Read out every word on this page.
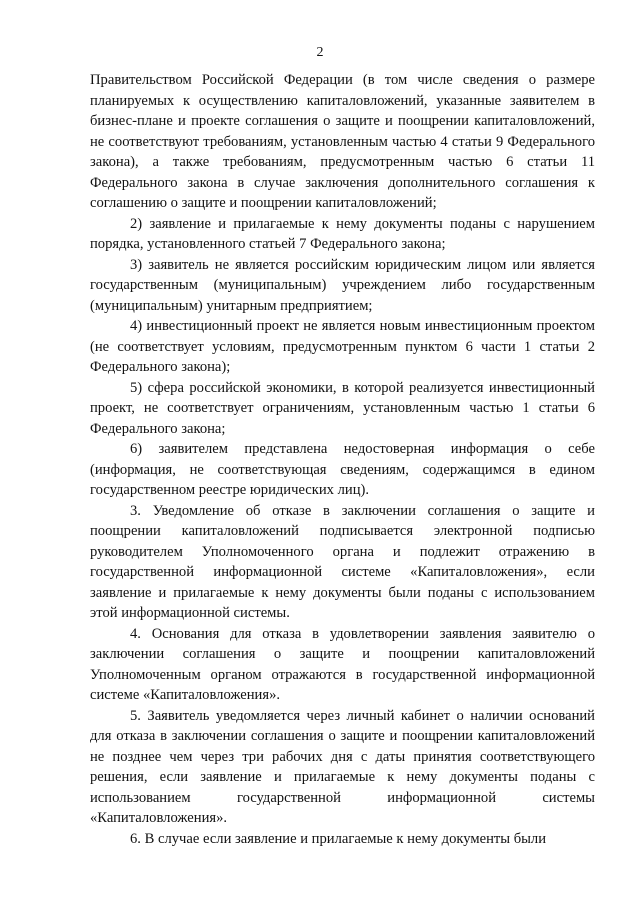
2

Правительством Российской Федерации (в том числе сведения о размере планируемых к осуществлению капиталовложений, указанные заявителем в бизнес-плане и проекте соглашения о защите и поощрении капиталовложений, не соответствуют требованиям, установленным частью 4 статьи 9 Федерального закона), а также требованиям, предусмотренным частью 6 статьи 11 Федерального закона в случае заключения дополнительного соглашения к соглашению о защите и поощрении капиталовложений;

2) заявление и прилагаемые к нему документы поданы с нарушением порядка, установленного статьей 7 Федерального закона;

3) заявитель не является российским юридическим лицом или является государственным (муниципальным) учреждением либо государственным (муниципальным) унитарным предприятием;

4) инвестиционный проект не является новым инвестиционным проектом (не соответствует условиям, предусмотренным пунктом 6 части 1 статьи 2 Федерального закона);

5) сфера российской экономики, в которой реализуется инвестиционный проект, не соответствует ограничениям, установленным частью 1 статьи 6 Федерального закона;

6) заявителем представлена недостоверная информация о себе (информация, не соответствующая сведениям, содержащимся в едином государственном реестре юридических лиц).

3. Уведомление об отказе в заключении соглашения о защите и поощрении капиталовложений подписывается электронной подписью руководителем Уполномоченного органа и подлежит отражению в государственной информационной системе «Капиталовложения», если заявление и прилагаемые к нему документы были поданы с использованием этой информационной системы.

4. Основания для отказа в удовлетворении заявления заявителю о заключении соглашения о защите и поощрении капиталовложений Уполномоченным органом отражаются в государственной информационной системе «Капиталовложения».

5. Заявитель уведомляется через личный кабинет о наличии оснований для отказа в заключении соглашения о защите и поощрении капиталовложений не позднее чем через три рабочих дня с даты принятия соответствующего решения, если заявление и прилагаемые к нему документы поданы с использованием государственной информационной системы «Капиталовложения».

6. В случае если заявление и прилагаемые к нему документы были
